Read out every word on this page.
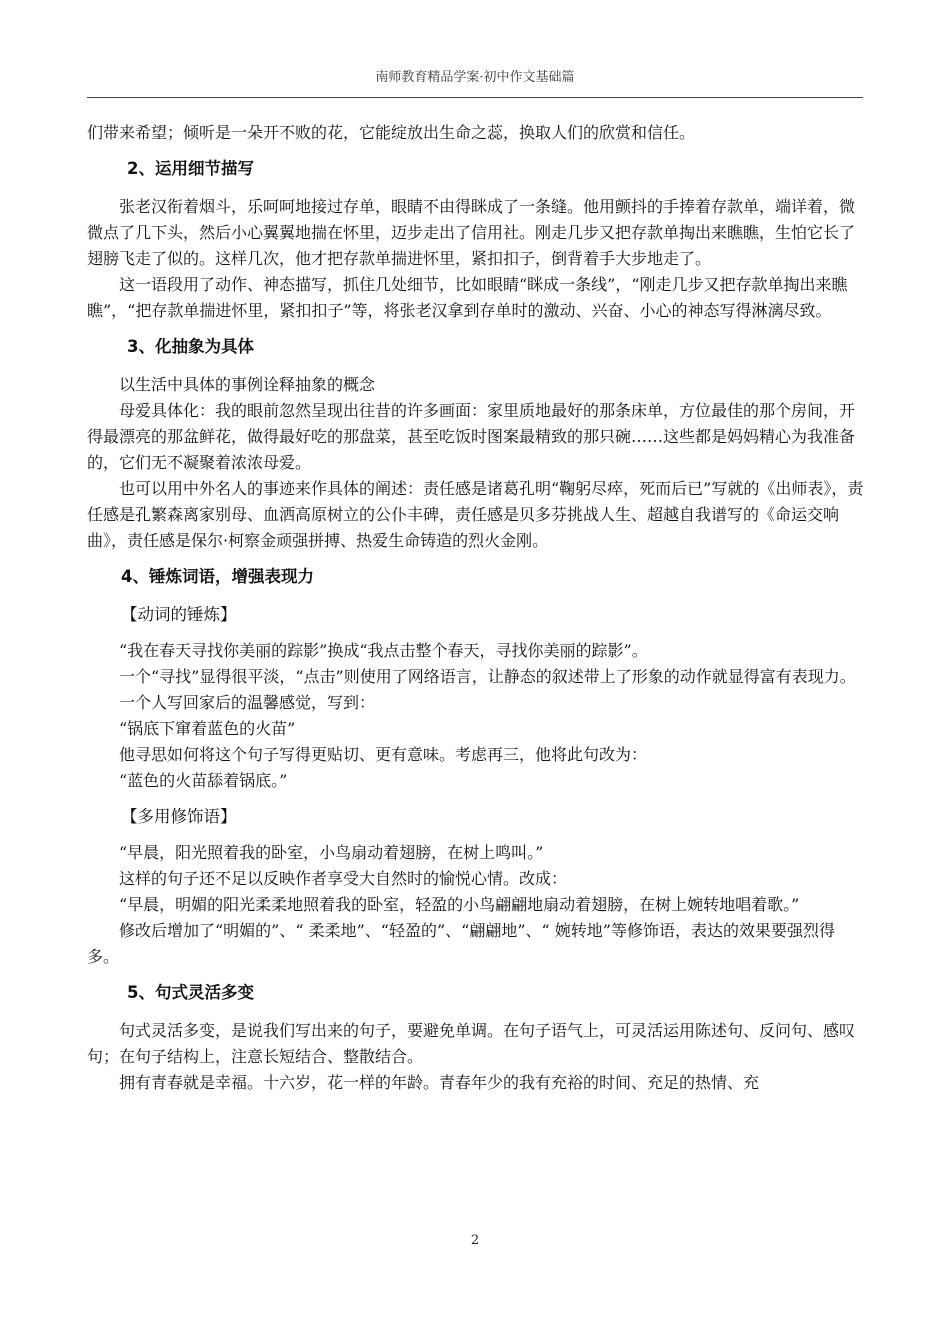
南师教育精品学案·初中作文基础篇

们带来希望；倾听是一朵开不败的花，它能绽放出生命之蕊，换取人们的欣赏和信任。

2、运用细节描写

张老汉衔着烟斗，乐呵呵地接过存单，眼睛不由得眯成了一条缝。他用颤抖的手捧着存款单，端详着，微微点了几下头，然后小心翼翼地揣在怀里，迈步走出了信用社。刚走几步又把存款单掏出来瞧瞧，生怕它长了翅膀飞走了似的。这样几次，他才把存款单揣进怀里，紧扣扣子，倒背着手大步地走了。

这一语段用了动作、神态描写，抓住几处细节，比如眼睛“眯成一条线”，“刚走几步又把存款单掏出来瞧瞧”，“把存款单揣进怀里，紧扣扣子”等，将张老汉拿到存单时的激动、兴奋、小心的神态写得淋漓尽致。

3、化抽象为具体

以生活中具体的事例诠释抽象的概念

母爱具体化：我的眼前忽然呈现出往昔的许多画面：家里质地最好的那条床单，方位最佳的那个房间，开得最漂亮的那盆鲜花，做得最好吃的那盘菜，甚至吃饭时图案最精致的那只碗……这些都是妈妈精心为我准备的，它们无不凝聚着浓浓母爱。

也可以用中外名人的事迹来作具体的阐述：责任感是诸葛孔明“鞠躬尽瘁，死而后已”写就的《出师表》，责任感是孔繁森离家别母、血洒高原树立的公仆丰碑，责任感是贝多芬挑战人生、超越自我谱写的《命运交响曲》，责任感是保尔·柯察金顽强拼搏、热爱生命铸造的烈火金刚。

4、锤炼词语，增强表现力

【动词的锤炼】

“我在春天寻找你美丽的踪影”换成“我点击整个春天，寻找你美丽的踪影”。

一个“寻找”显得很平淡，“点击”则使用了网络语言，让静态的叙述带上了形象的动作就显得富有表现力。

一个人写回家后的温馨感觉，写到：

“锅底下窜着蓝色的火苗”

他寻思如何将这个句子写得更贴切、更有意味。考虑再三，他将此句改为：

“蓝色的火苗舔着锅底。”

【多用修饰语】

“早晨，阳光照着我的卧室，小鸟扇动着翅膀，在树上鸣叫。”

这样的句子还不足以反映作者享受大自然时的愉悦心情。改成：

“早晨，明媚的阳光柔柔地照着我的卧室，轻盈的小鸟翩翩地扇动着翅膀，在树上婉转地唱着歌。”

修改后增加了“明媚的”、“ 柔柔地”、“轻盈的”、“翩翩地”、“ 婉转地”等修饰语，表达的效果要强烈得多。

5、句式灵活多变

句式灵活多变，是说我们写出来的句子，要避免单调。在句子语气上，可灵活运用陈述句、反问句、感叹句；在句子结构上，注意长短结合、整散结合。

拥有青春就是幸福。十六岁，花一样的年龄。青春年少的我有充裕的时间、充足的热情、充

2
